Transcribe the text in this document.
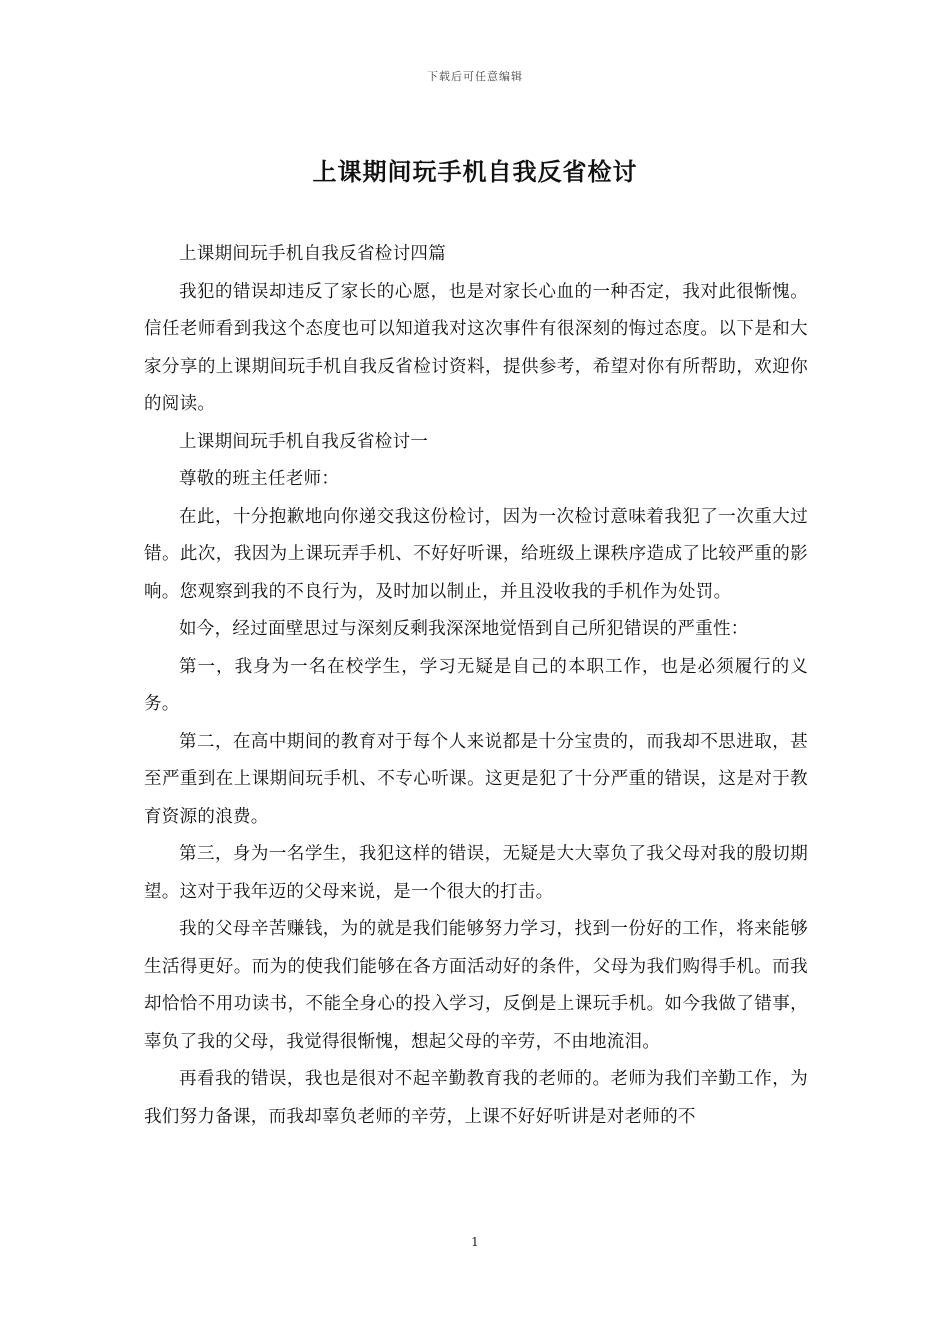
下载后可任意编辑
上课期间玩手机自我反省检讨

上课期间玩手机自我反省检讨四篇

我犯的错误却违反了家长的心愿，也是对家长心血的一种否定，我对此很惭愧。信任老师看到我这个态度也可以知道我对这次事件有很深刻的悔过态度。以下是和大家分享的上课期间玩手机自我反省检讨资料，提供参考，希望对你有所帮助，欢迎你的阅读。

上课期间玩手机自我反省检讨一

尊敬的班主任老师：

在此，十分抱歉地向你递交我这份检讨，因为一次检讨意味着我犯了一次重大过错。此次，我因为上课玩弄手机、不好好听课，给班级上课秩序造成了比较严重的影响。您观察到我的不良行为，及时加以制止，并且没收我的手机作为处罚。

如今，经过面壁思过与深刻反剩我深深地觉悟到自己所犯错误的严重性：

第一，我身为一名在校学生，学习无疑是自己的本职工作，也是必须履行的义务。

第二，在高中期间的教育对于每个人来说都是十分宝贵的，而我却不思进取，甚至严重到在上课期间玩手机、不专心听课。这更是犯了十分严重的错误，这是对于教育资源的浪费。

第三，身为一名学生，我犯这样的错误，无疑是大大辜负了我父母对我的殷切期望。这对于我年迈的父母来说，是一个很大的打击。

我的父母辛苦赚钱，为的就是我们能够努力学习，找到一份好的工作，将来能够生活得更好。而为的使我们能够在各方面活动好的条件，父母为我们购得手机。而我却恰恰不用功读书，不能全身心的投入学习，反倒是上课玩手机。如今我做了错事，辜负了我的父母，我觉得很惭愧，想起父母的辛劳，不由地流泪。

再看我的错误，我也是很对不起辛勤教育我的老师的。老师为我们辛勤工作，为我们努力备课，而我却辜负老师的辛劳，上课不好好听讲是对老师的不

1
